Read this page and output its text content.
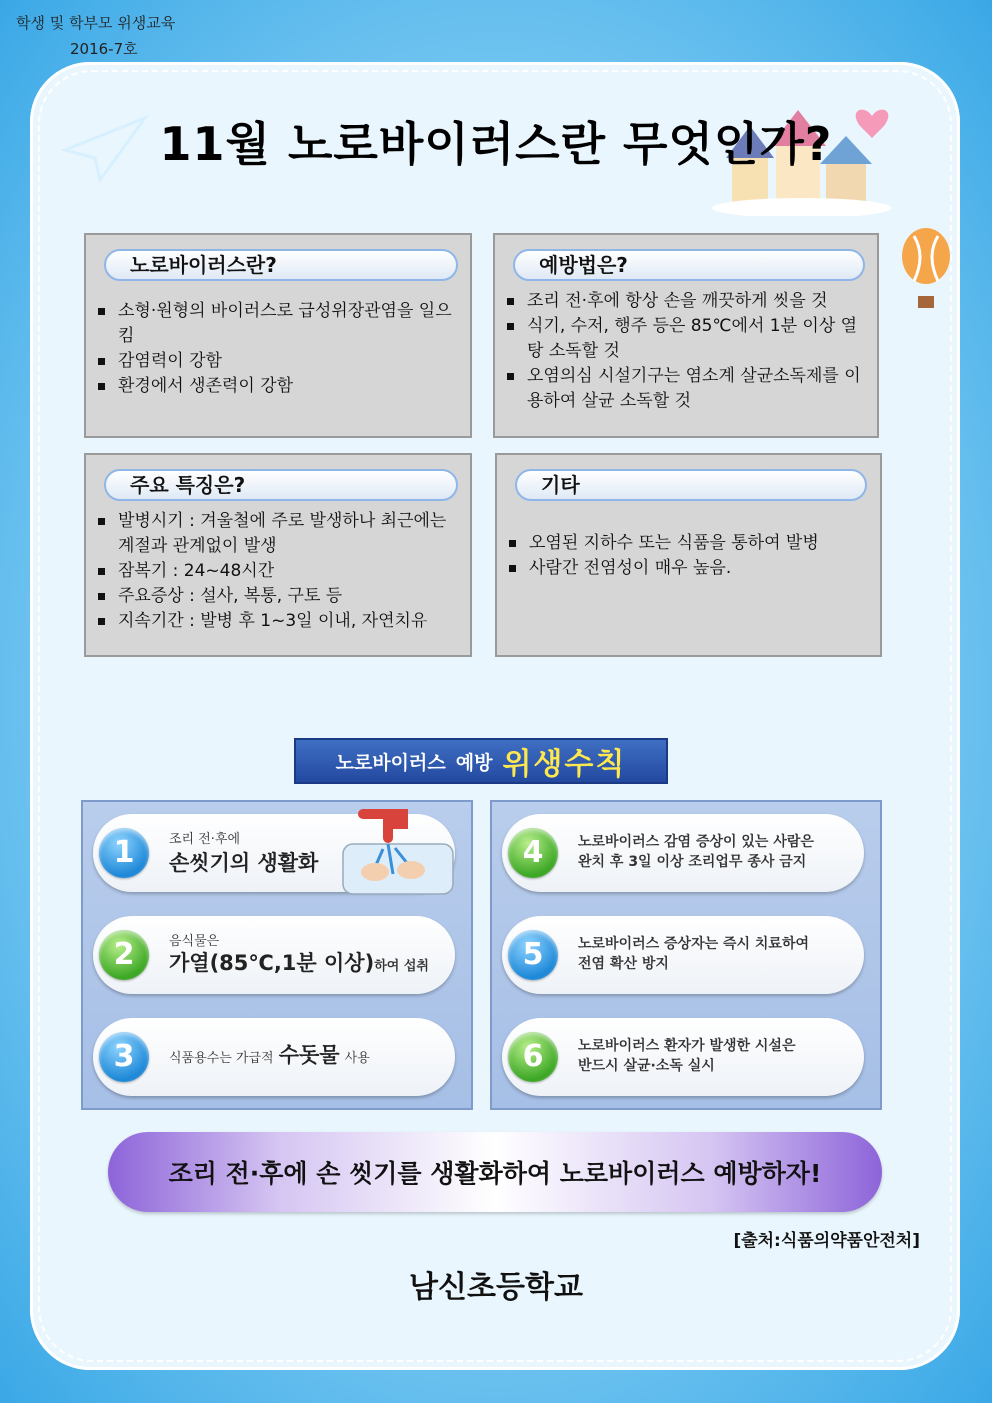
학생 및 학부모 위생교육
2016-7호
11월 노로바이러스란 무엇인가?
노로바이러스란?
소형·원형의 바이러스로 급성위장관염을 일으킴
감염력이 강함
환경에서 생존력이 강함
예방법은?
조리 전·후에 항상 손을 깨끗하게 씻을 것
식기, 수저, 행주 등은 85℃에서 1분 이상 열탕 소독할 것
오염의심 시설기구는 염소계 살균소독제를 이용하여 살균 소독할 것
주요 특징은?
발병시기 : 겨울철에 주로 발생하나 최근에는 계절과 관계없이 발생
잠복기 : 24~48시간
주요증상 : 설사, 복통, 구토 등
지속기간 : 발병 후 1~3일 이내, 자연치유
기타
오염된 지하수 또는 식품을 통하여 발병
사람간 전염성이 매우 높음.
노로바이러스 예방 위생수칙
1	조리 전·후에
손씻기의 생활화
2	음식물은
가열(85℃,1분 이상)하여 섭취
3	식품용수는 가급적 수돗물 사용
4	노로바이러스 감염 증상이 있는 사람은
완치 후 3일 이상 조리업무 종사 금지
5	노로바이러스 증상자는 즉시 치료하여
전염 확산 방지
6	노로바이러스 환자가 발생한 시설은
반드시 살균·소독 실시
조리 전·후에 손 씻기를 생활화하여 노로바이러스 예방하자!
[출처:식품의약품안전처]
남신초등학교
